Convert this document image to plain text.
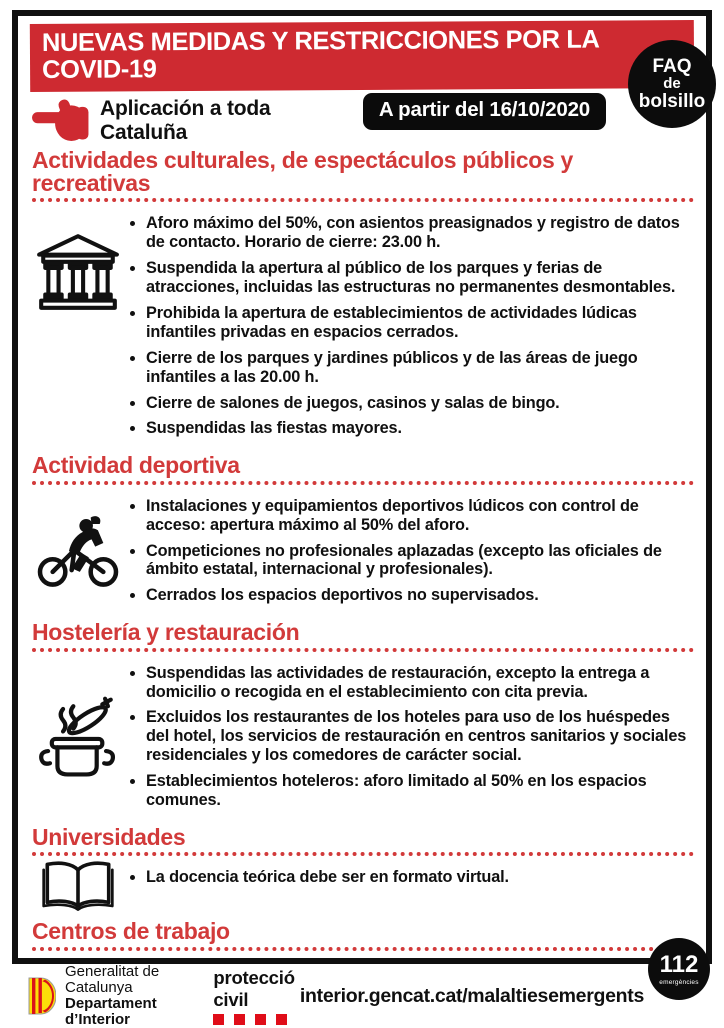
NUEVAS MEDIDAS Y RESTRICCIONES POR LA COVID-19
Aplicación a toda Cataluña
A partir del 16/10/2020
Actividades culturales, de espectáculos públicos y recreativas
• Aforo máximo del 50%, con asientos preasignados y registro de datos de contacto. Horario de cierre: 23.00 h.
• Suspendida la apertura al público de los parques y ferias de atracciones, incluidas las estructuras no permanentes desmontables.
• Prohibida la apertura de establecimientos de actividades lúdicas infantiles privadas en espacios cerrados.
• Cierre de los parques y jardines públicos y de las áreas de juego infantiles a las 20.00 h.
• Cierre de salones de juegos, casinos y salas de bingo.
• Suspendidas las fiestas mayores.
Actividad deportiva
• Instalaciones y equipamientos deportivos lúdicos con control de acceso: apertura máximo al 50% del aforo.
• Competiciones no profesionales aplazadas (excepto las oficiales de ámbito estatal, internacional y profesionales).
• Cerrados los espacios deportivos no supervisados.
Hostelería y restauración
• Suspendidas las actividades de restauración, excepto la entrega a domicilio o recogida en el establecimiento con cita previa.
• Excluidos los restaurantes de los hoteles para uso de los huéspedes del hotel, los servicios de restauración en centros sanitarios y sociales residenciales y los comedores de carácter social.
• Establecimientos hoteleros: aforo limitado al 50% en los espacios comunes.
Universidades
• La docencia teórica debe ser en formato virtual.
Centros de trabajo
•
FAQ
de
bolsillo
112
emergències
Generalitat de Catalunya
Departament d’Interior
protecció civil	interior.gencat.cat/malaltiesemergents
